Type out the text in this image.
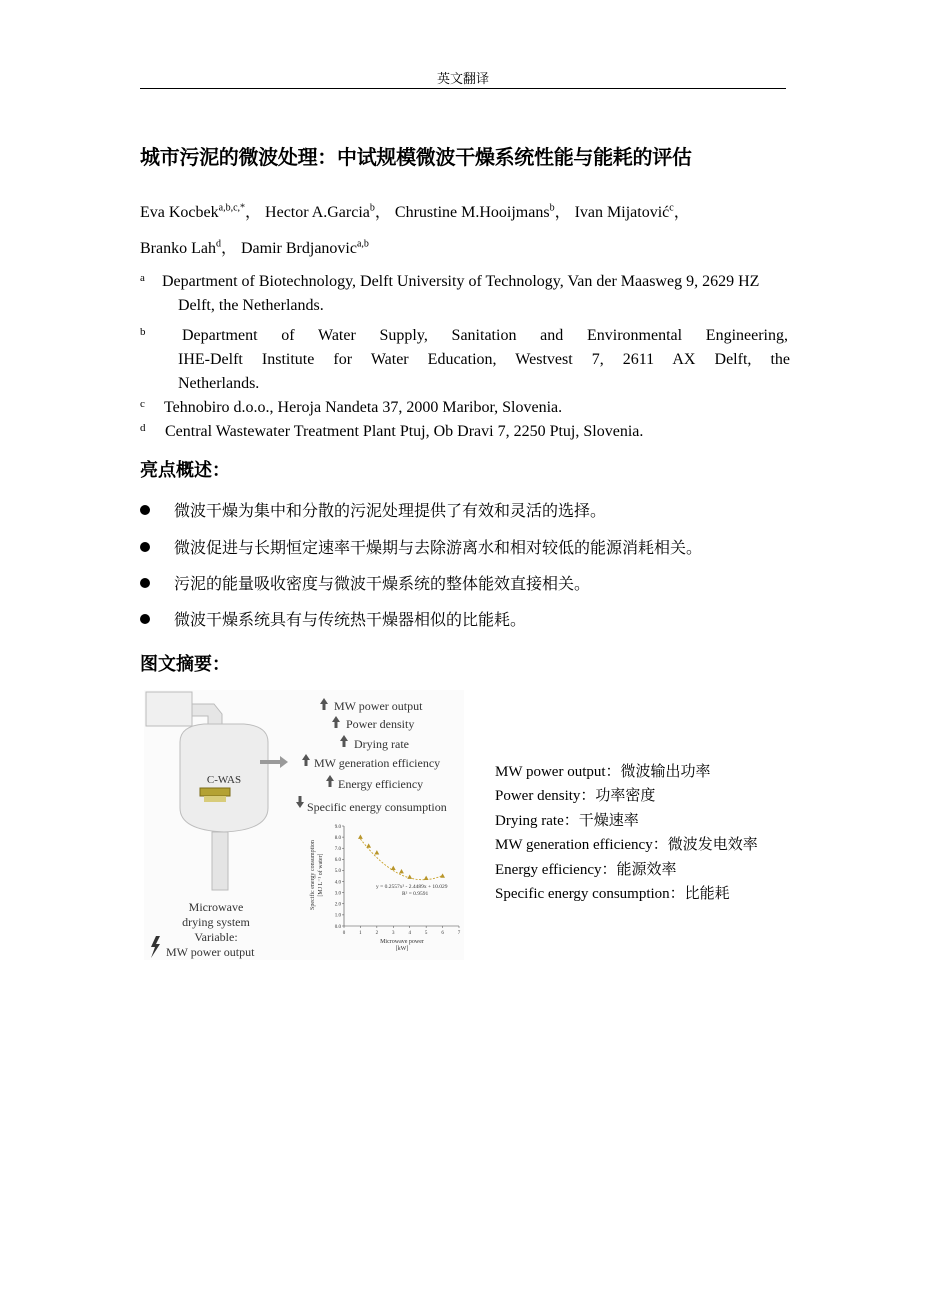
英文翻译
城市污泥的微波处理：中试规模微波干燥系统性能与能耗的评估
Eva Kocbek$^{a,b,c,*}$， Hector A.Garcia$^b$， Chrustine M.Hooijmans$^b$， Ivan Mijatović$^c$，
Branko Lah$^d$， Damir Brdjanovic$^{a,b}$
a	Department of Biotechnology, Delft University of Technology, Van der Maasweg 9, 2629 HZ Delft, the Netherlands.
b	Department of Water Supply, Sanitation and Environmental Engineering,
IHE-Delft Institute for Water Education, Westvest 7, 2611 AX Delft, the
Netherlands.
c	Tehnobiro d.o.o., Heroja Nandeta 37, 2000 Maribor, Slovenia.
d	Central Wastewater Treatment Plant Ptuj, Ob Dravi 7, 2250 Ptuj, Slovenia.
亮点概述：
微波干燥为集中和分散的污泥处理提供了有效和灵活的选择。
微波促进与长期恒定速率干燥期与去除游离水和相对较低的能源消耗相关。
污泥的能量吸收密度与微波干燥系统的整体能效直接相关。
微波干燥系统具有与传统热干燥器相似的比能耗。
图文摘要：
C-WAS
Microwave
drying system
Variable:
MW power output
MW power output
Power density
Drying rate
MW generation efficiency
Energy efficiency
Specific energy consumption
Specific energy consumption [MJ L⁻¹ of water]
Microwave power
[kW]
y = 0.2557x² - 2.4489x + 10.029
R² = 0.9591
0.0
1.0
2.0
3.0
4.0
5.0
6.0
7.0
8.0
9.0
0	1	2	3	4	5	6	7
MW power output：微波输出功率
Power density：功率密度
Drying rate：干燥速率
MW generation efficiency：微波发电效率
Energy efficiency：能源效率
Specific energy consumption：比能耗
